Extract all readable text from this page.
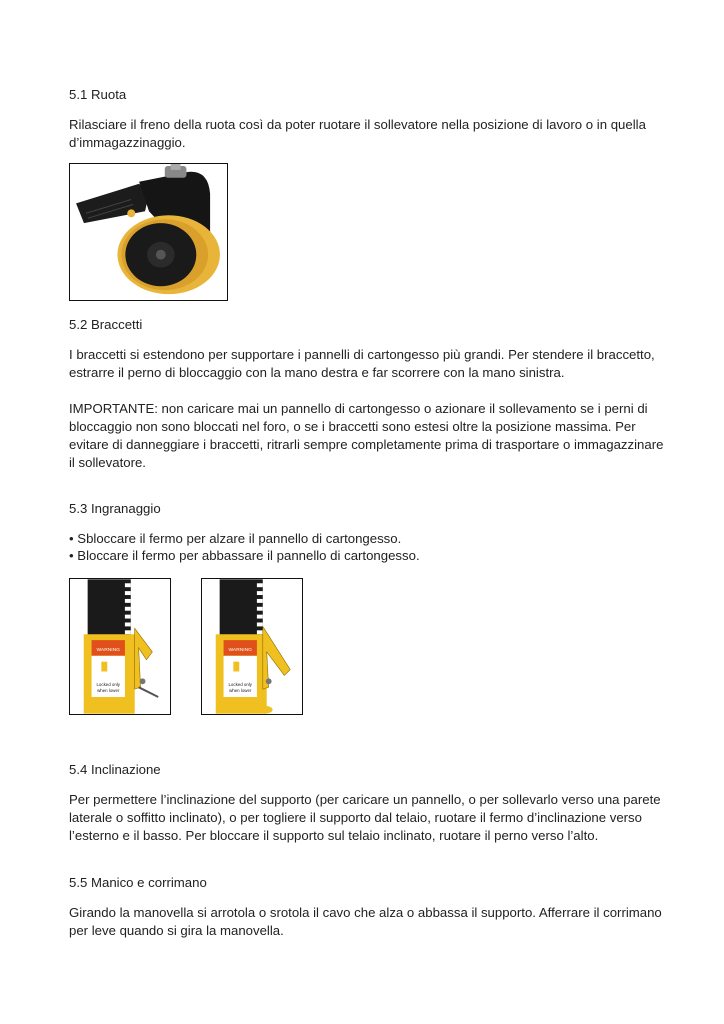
5.1 Ruota

Rilasciare il freno della ruota così da poter ruotare il sollevatore nella posizione di lavoro o in quella d’immagazzinaggio.

5.2 Braccetti

I braccetti si estendono per supportare i pannelli di cartongesso più grandi. Per stendere il braccetto, estrarre il perno di bloccaggio con la mano destra e far scorrere con la mano sinistra.

IMPORTANTE: non caricare mai un pannello di cartongesso o azionare il sollevamento se i perni di bloccaggio non sono bloccati nel foro, o se i braccetti sono estesi oltre la posizione massima. Per evitare di danneggiare i braccetti, ritrarli sempre completamente prima di trasportare o immagazzinare il sollevatore.

5.3 Ingranaggio

• Sbloccare il fermo per alzare il pannello di cartongesso.

• Bloccare il fermo per abbassare il pannello di cartongesso.

WARNING
Locked only
when lower
WARNING
Locked only
when lower

5.4 Inclinazione

Per permettere l’inclinazione del supporto (per caricare un pannello, o per sollevarlo verso una parete laterale o soffitto inclinato), o per togliere il supporto dal telaio, ruotare il fermo d’inclinazione verso l’esterno e il basso. Per bloccare il supporto sul telaio inclinato, ruotare il perno verso l’alto.

5.5 Manico e corrimano

Girando la manovella si arrotola o srotola il cavo che alza o abbassa il supporto. Afferrare il corrimano per leve quando si gira la manovella.
